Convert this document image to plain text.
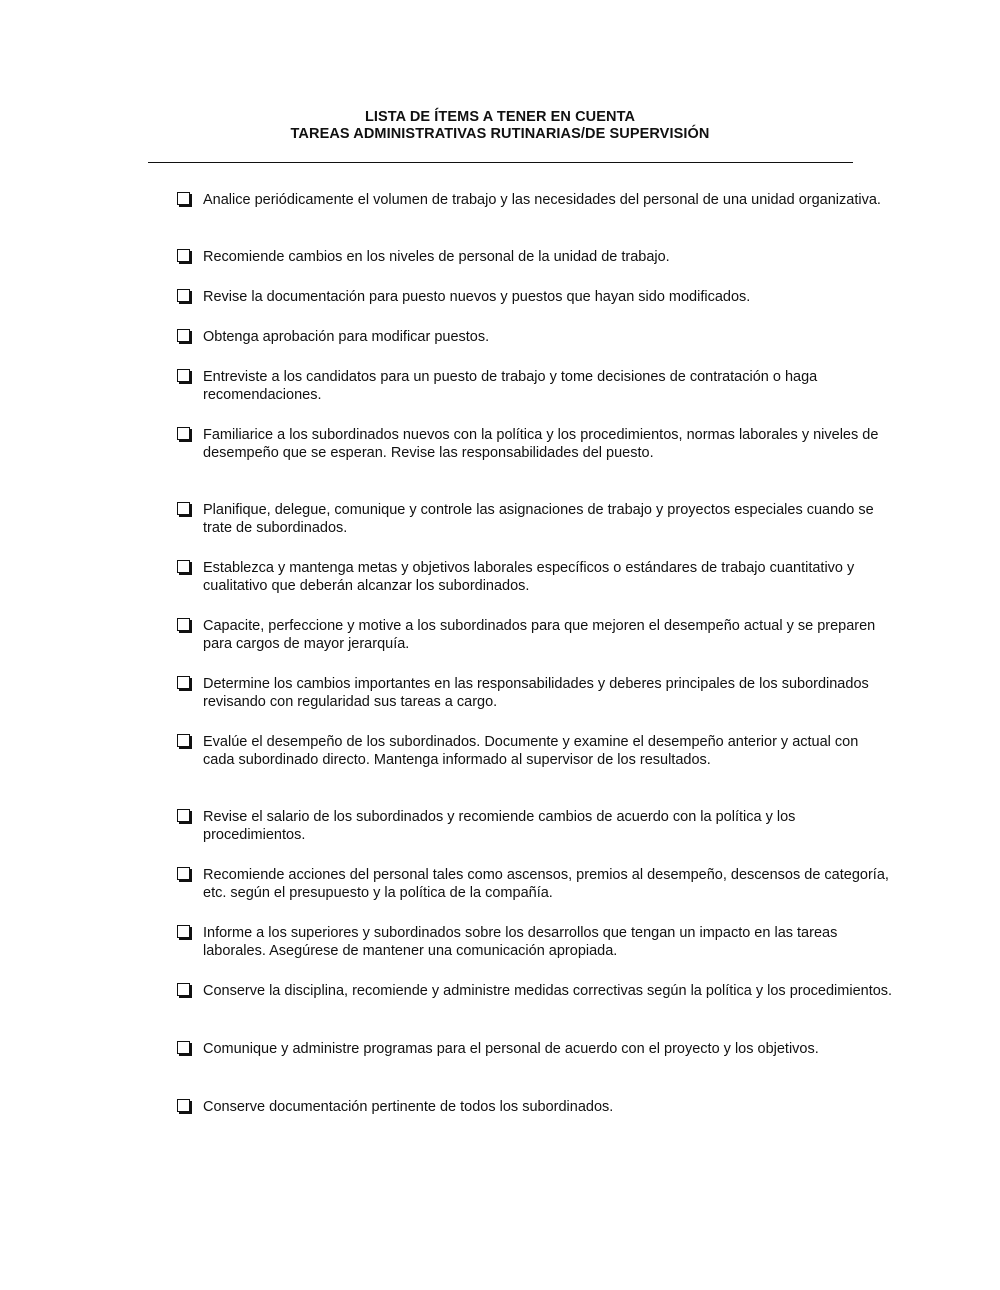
LISTA DE ÍTEMS A TENER EN CUENTA
TAREAS ADMINISTRATIVAS RUTINARIAS/DE SUPERVISIÓN
Analice periódicamente el volumen de trabajo y las necesidades del personal de una unidad organizativa.
Recomiende cambios en los niveles de personal de la unidad de trabajo.
Revise la documentación para puesto nuevos y puestos que hayan sido modificados.
Obtenga aprobación para modificar puestos.
Entreviste a los candidatos para un puesto de trabajo y tome decisiones de contratación o haga recomendaciones.
Familiarice a los subordinados nuevos con la política y los procedimientos, normas laborales y niveles de desempeño que se esperan. Revise las responsabilidades del puesto.
Planifique, delegue, comunique y controle las asignaciones de trabajo y proyectos especiales cuando se trate de subordinados.
Establezca y mantenga metas y objetivos laborales específicos o estándares de trabajo cuantitativo y cualitativo que deberán alcanzar los subordinados.
Capacite, perfeccione y motive a los subordinados para que mejoren el desempeño actual y se preparen para cargos de mayor jerarquía.
Determine los cambios importantes en las responsabilidades y deberes principales de los subordinados revisando con regularidad sus tareas a cargo.
Evalúe el desempeño de los subordinados. Documente y examine el desempeño anterior y actual con cada subordinado directo. Mantenga informado al supervisor de los resultados.
Revise el salario de los subordinados y recomiende cambios de acuerdo con la política y los procedimientos.
Recomiende acciones del personal tales como ascensos, premios al desempeño, descensos de categoría, etc. según el presupuesto y la política de la compañía.
Informe a los superiores y subordinados sobre los desarrollos que tengan un impacto en las tareas laborales. Asegúrese de mantener una comunicación apropiada.
Conserve la disciplina, recomiende y administre medidas correctivas según la política y los procedimientos.
Comunique y administre programas para el personal de acuerdo con el proyecto y los objetivos.
Conserve documentación pertinente de todos los subordinados.
